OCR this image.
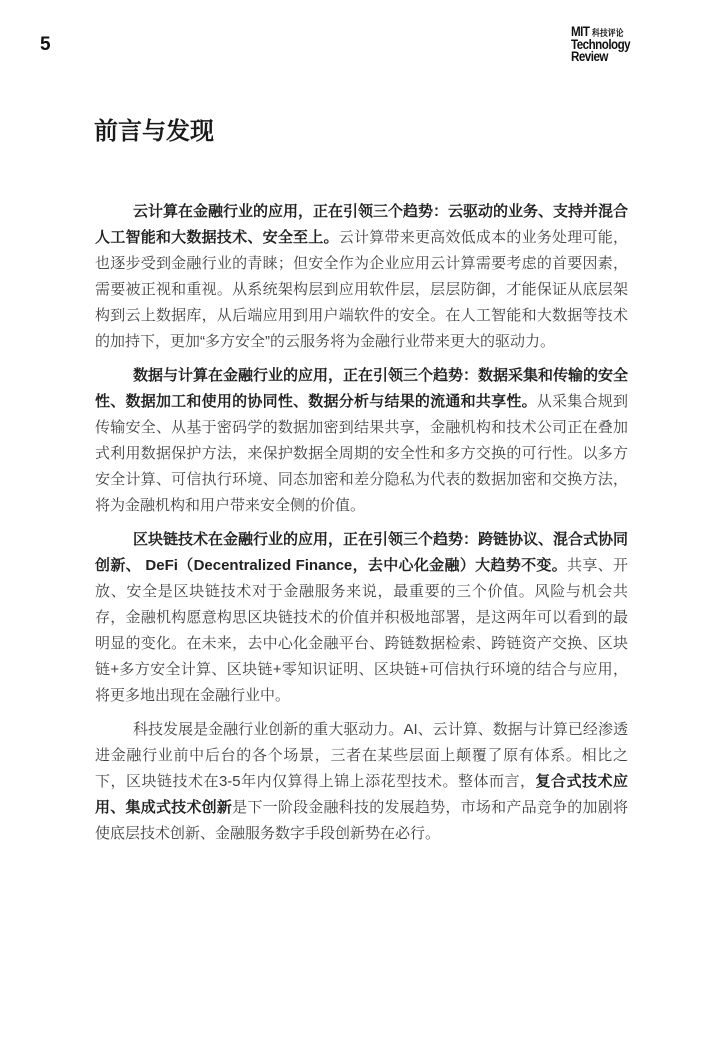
5
MIT 科技评论
Technology
Review
前言与发现

云计算在金融行业的应用，正在引领三个趋势：云驱动的业务、支持并混合人工智能和大数据技术、安全至上。云计算带来更高效低成本的业务处理可能，也逐步受到金融行业的青睐；但安全作为企业应用云计算需要考虑的首要因素，需要被正视和重视。从系统架构层到应用软件层，层层防御，才能保证从底层架构到云上数据库，从后端应用到用户端软件的安全。在人工智能和大数据等技术的加持下，更加“多方安全”的云服务将为金融行业带来更大的驱动力。

数据与计算在金融行业的应用，正在引领三个趋势：数据采集和传输的安全性、数据加工和使用的协同性、数据分析与结果的流通和共享性。从采集合规到传输安全、从基于密码学的数据加密到结果共享，金融机构和技术公司正在叠加式利用数据保护方法，来保护数据全周期的安全性和多方交换的可行性。以多方安全计算、可信执行环境、同态加密和差分隐私为代表的数据加密和交换方法，将为金融机构和用户带来安全侧的价值。

区块链技术在金融行业的应用，正在引领三个趋势：跨链协议、混合式协同创新、 DeFi（Decentralized Finance，去中心化金融）大趋势不变。共享、开放、安全是区块链技术对于金融服务来说，最重要的三个价值。风险与机会共存，金融机构愿意构思区块链技术的价值并积极地部署，是这两年可以看到的最明显的变化。在未来，去中心化金融平台、跨链数据检索、跨链资产交换、区块链+多方安全计算、区块链+零知识证明、区块链+可信执行环境的结合与应用，将更多地出现在金融行业中。

科技发展是金融行业创新的重大驱动力。AI、云计算、数据与计算已经渗透进金融行业前中后台的各个场景，三者在某些层面上颠覆了原有体系。相比之下，区块链技术在3-5年内仅算得上锦上添花型技术。整体而言，复合式技术应用、集成式技术创新是下一阶段金融科技的发展趋势，市场和产品竞争的加剧将使底层技术创新、金融服务数字手段创新势在必行。
